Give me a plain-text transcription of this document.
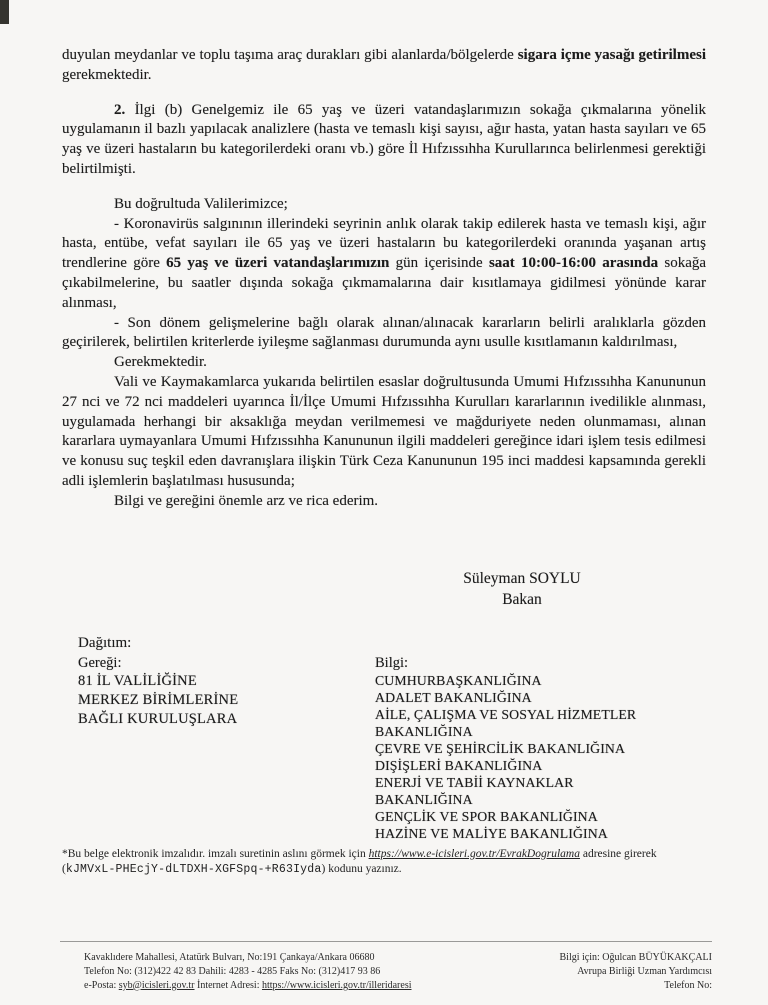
duyulan meydanlar ve toplu taşıma araç durakları gibi alanlarda/bölgelerde sigara içme yasağı getirilmesi gerekmektedir.

2. İlgi (b) Genelgemiz ile 65 yaş ve üzeri vatandaşlarımızın sokağa çıkmalarına yönelik uygulamanın il bazlı yapılacak analizlere (hasta ve temaslı kişi sayısı, ağır hasta, yatan hasta sayıları ve 65 yaş ve üzeri hastaların bu kategorilerdeki oranı vb.) göre İl Hıfzıssıhha Kurullarınca belirlenmesi gerektiği belirtilmişti.

Bu doğrultuda Valilerimizce;

- Koronavirüs salgınının illerindeki seyrinin anlık olarak takip edilerek hasta ve temaslı kişi, ağır hasta, entübe, vefat sayıları ile 65 yaş ve üzeri hastaların bu kategorilerdeki oranında yaşanan artış trendlerine göre 65 yaş ve üzeri vatandaşlarımızın gün içerisinde saat 10:00-16:00 arasında sokağa çıkabilmelerine, bu saatler dışında sokağa çıkmamalarına dair kısıtlamaya gidilmesi yönünde karar alınması,

- Son dönem gelişmelerine bağlı olarak alınan/alınacak kararların belirli aralıklarla gözden geçirilerek, belirtilen kriterlerde iyileşme sağlanması durumunda aynı usulle kısıtlamanın kaldırılması,

Gerekmektedir.

Vali ve Kaymakamlarca yukarıda belirtilen esaslar doğrultusunda Umumi Hıfzıssıhha Kanununun 27 nci ve 72 nci maddeleri uyarınca İl/İlçe Umumi Hıfzıssıhha Kurulları kararlarının ivedilikle alınması, uygulamada herhangi bir aksaklığa meydan verilmemesi ve mağduriyete neden olunmaması, alınan kararlara uymayanlara Umumi Hıfzıssıhha Kanununun ilgili maddeleri gereğince idari işlem tesis edilmesi ve konusu suç teşkil eden davranışlara ilişkin Türk Ceza Kanununun 195 inci maddesi kapsamında gerekli adli işlemlerin başlatılması hususunda;

Bilgi ve gereğini önemle arz ve rica ederim.

Süleyman SOYLU
Bakan
Dağıtım:
Gereği:
81 İL VALİLİĞİNE
MERKEZ BİRİMLERİNE
BAĞLI KURULUŞLARA
Bilgi:
CUMHURBAŞKANLIĞINA
ADALET BAKANLIĞINA
AİLE, ÇALIŞMA VE SOSYAL HİZMETLER BAKANLIĞINA
ÇEVRE VE ŞEHİRCİLİK BAKANLIĞINA
DIŞİŞLERİ BAKANLIĞINA
ENERJİ VE TABİİ KAYNAKLAR BAKANLIĞINA
GENÇLİK VE SPOR BAKANLIĞINA
HAZİNE VE MALİYE BAKANLIĞINA
*Bu belge elektronik imzalıdır. imzalı suretinin aslını görmek için https://www.e-icisleri.gov.tr/EvrakDogrulama adresine girerek (kJMVxL-PHEcjY-dLTDXH-XGFSpq-+R63Iyda) kodunu yazınız.
Kavaklıdere Mahallesi, Atatürk Bulvarı, No:191 Çankaya/Ankara 06680
Telefon No: (312)422 42 83 Dahili: 4283 - 4285 Faks No: (312)417 93 86
e-Posta: syb@icisleri.gov.tr İnternet Adresi: https://www.icisleri.gov.tr/illeridaresi
Bilgi için: Oğulcan BÜYÜKAKÇALI
Avrupa Birliği Uzman Yardımcısı
Telefon No:
